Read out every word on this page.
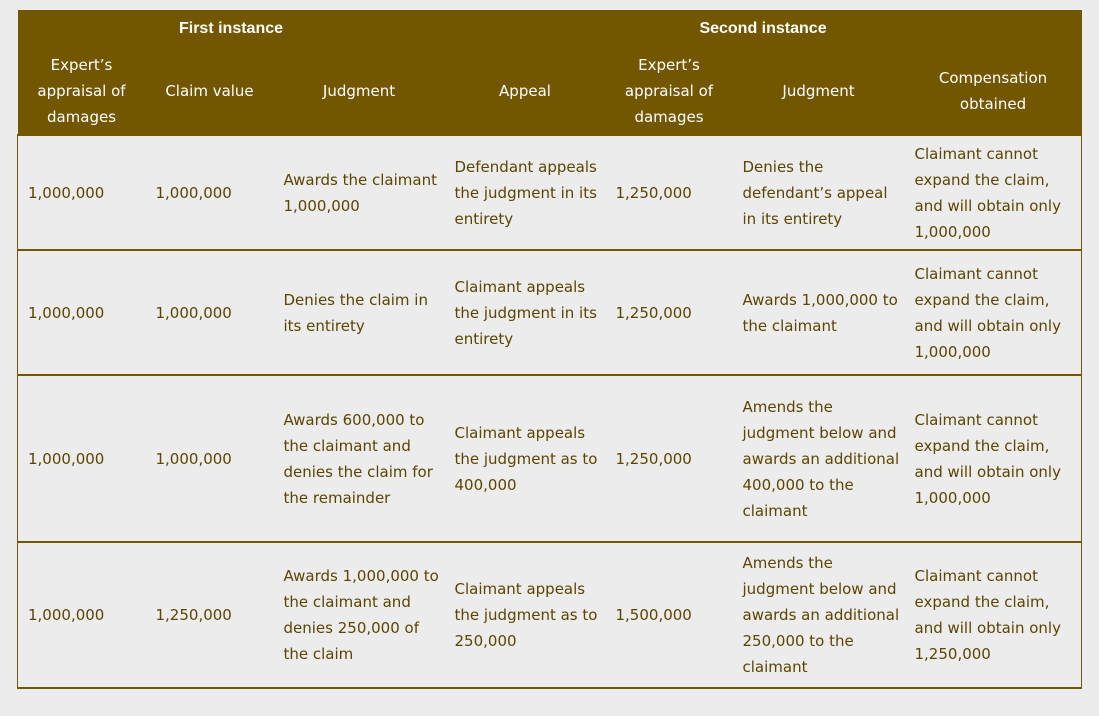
First instance			Second instance			
Expert’s appraisal of damages	Claim value	Judgment	Appeal	Expert’s appraisal of damages	Judgment	Compensation obtained
1,000,000	1,000,000	Awards the claimant 1,000,000	Defendant appeals the judgment in its entirety	1,250,000	Denies the defendant’s appeal in its entirety	Claimant cannot expand the claim, and will obtain only 1,000,000
1,000,000	1,000,000	Denies the claim in its entirety	Claimant appeals the judgment in its entirety	1,250,000	Awards 1,000,000 to the claimant	Claimant cannot expand the claim, and will obtain only 1,000,000
1,000,000	1,000,000	Awards 600,000 to the claimant and denies the claim for the remainder	Claimant appeals the judgment as to 400,000	1,250,000	Amends the judgment below and awards an additional 400,000 to the claimant	Claimant cannot expand the claim, and will obtain only 1,000,000
1,000,000	1,250,000	Awards 1,000,000 to the claimant and denies 250,000 of the claim	Claimant appeals the judgment as to 250,000	1,500,000	Amends the judgment below and awards an additional 250,000 to the claimant	Claimant cannot expand the claim, and will obtain only 1,250,000
